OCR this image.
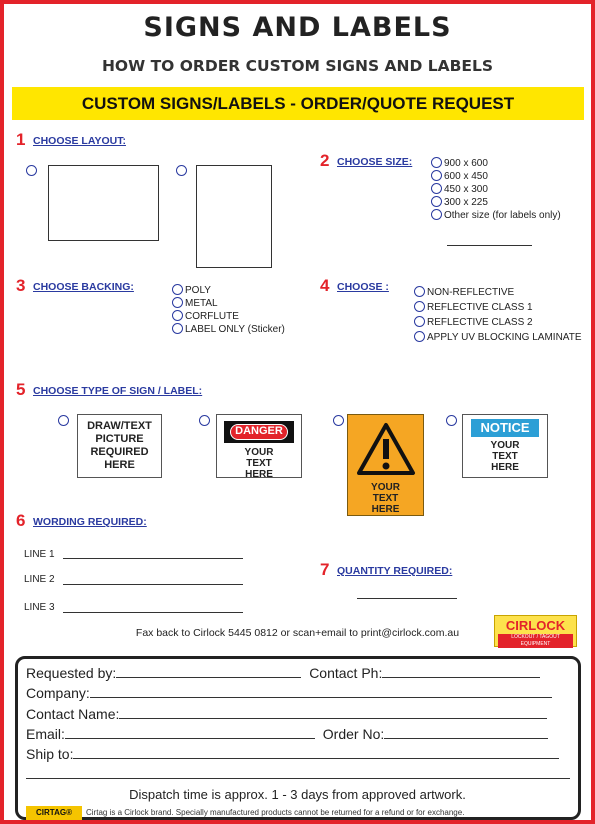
SIGNS AND LABELS
HOW TO ORDER CUSTOM SIGNS AND LABELS
CUSTOM SIGNS/LABELS - ORDER/QUOTE REQUEST
1 CHOOSE LAYOUT:
2 CHOOSE SIZE:	900 x 600
600 x 450
450 x 300
300 x 225
Other size (for labels only)
3 CHOOSE BACKING:	POLY
METAL
CORFLUTE
LABEL ONLY (Sticker)
4 CHOOSE :	NON-REFLECTIVE
REFLECTIVE CLASS 1
REFLECTIVE CLASS 2
APPLY UV BLOCKING LAMINATE
5 CHOOSE TYPE OF SIGN / LABEL:
DRAW/TEXT
PICTURE
REQUIRED
HERE
DANGER
YOUR
TEXT
HERE
YOUR
TEXT
HERE
NOTICE
YOUR
TEXT
HERE
6 WORDING REQUIRED:
LINE 1
LINE 2
LINE 3
7 QUANTITY REQUIRED:
Fax back to Cirlock 5445 0812 or scan+email to print@cirlock.com.au	CIRLOCK
LOCKOUT / TAGOUT EQUIPMENT
Requested by:	Contact Ph:
Company:
Contact Name:
Email:	Order No:
Ship to:
Dispatch time is approx. 1 - 3 days from approved artwork.
CIRTAG®	Cirtag is a Cirlock brand. Specially manufactured products cannot be returned for a refund or for exchange.
